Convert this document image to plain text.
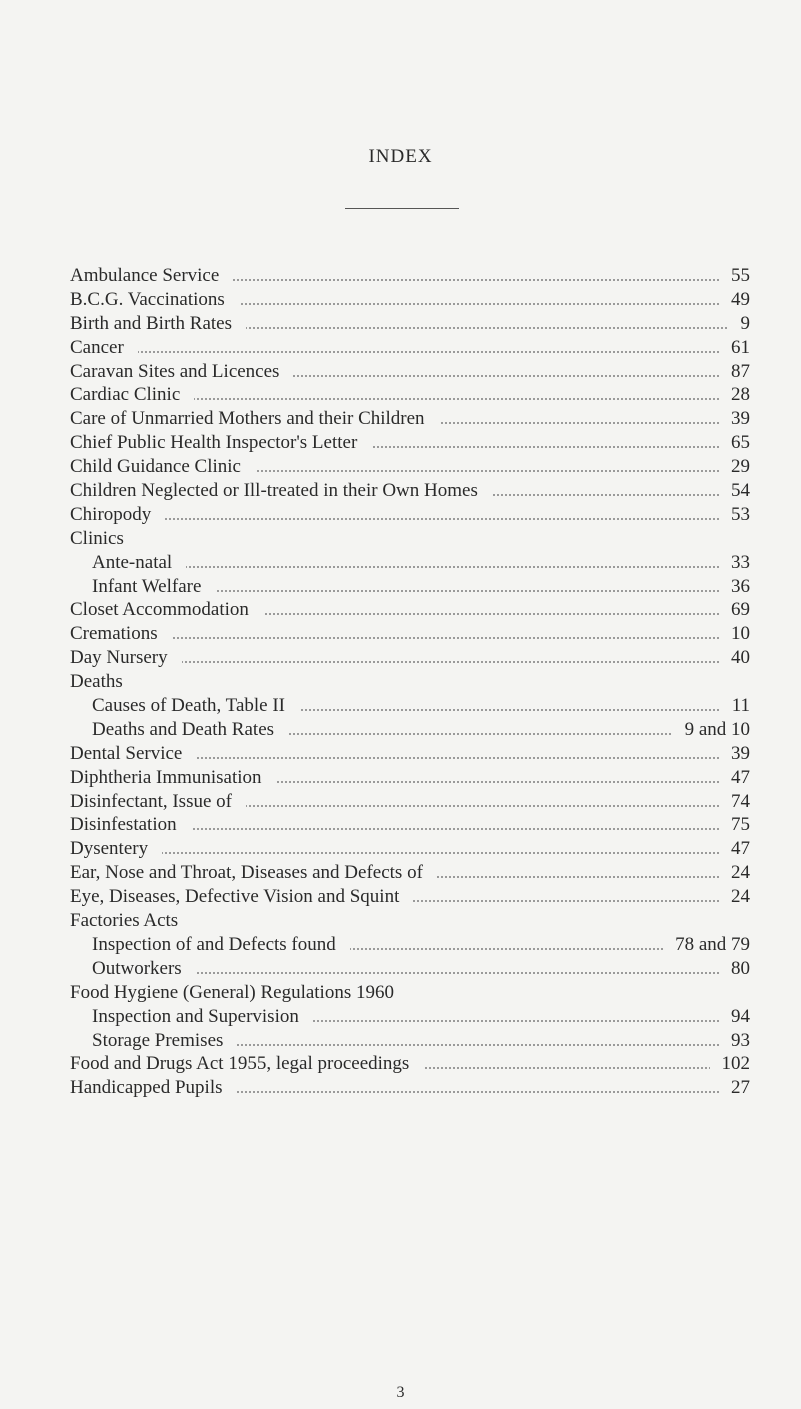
INDEX
Ambulance Service	55
B.C.G. Vaccinations	49
Birth and Birth Rates	9
Cancer	61
Caravan Sites and Licences	87
Cardiac Clinic	28
Care of Unmarried Mothers and their Children	39
Chief Public Health Inspector's Letter	65
Child Guidance Clinic	29
Children Neglected or Ill-treated in their Own Homes	54
Chiropody	53
Clinics
Ante-natal	33
Infant Welfare	36
Closet Accommodation	69
Cremations	10
Day Nursery	40
Deaths
Causes of Death, Table II	11
Deaths and Death Rates	9 and 10
Dental Service	39
Diphtheria Immunisation	47
Disinfectant, Issue of	74
Disinfestation	75
Dysentery	47
Ear, Nose and Throat, Diseases and Defects of	24
Eye, Diseases, Defective Vision and Squint	24
Factories Acts
Inspection of and Defects found	78 and 79
Outworkers	80
Food Hygiene (General) Regulations 1960
Inspection and Supervision	94
Storage Premises	93
Food and Drugs Act 1955, legal proceedings	102
Handicapped Pupils	27
3
